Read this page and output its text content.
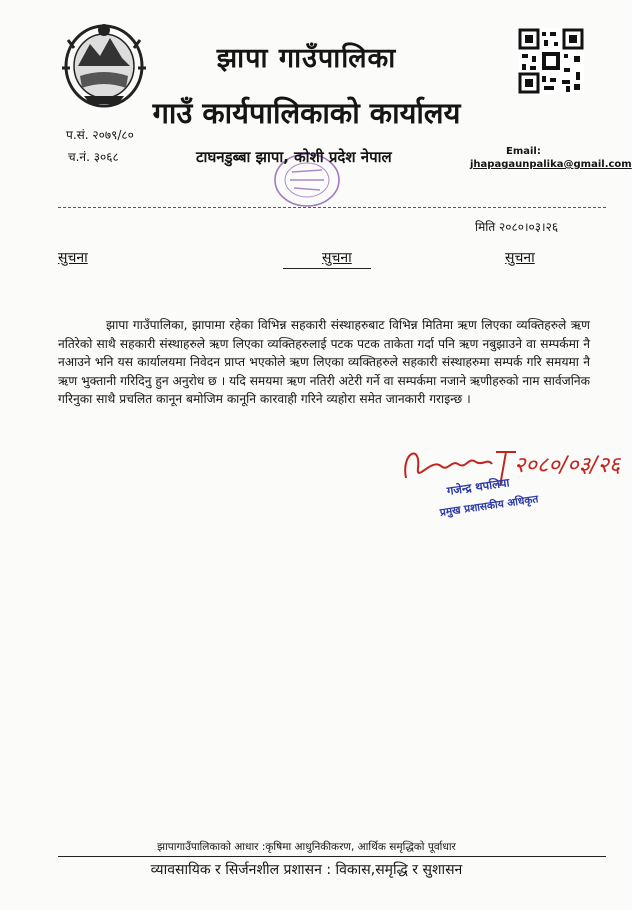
झापा गाउँपालिका
गाउँ कार्यपालिकाको कार्यालय
प.सं. २०७९/८०
च.नं. ३०६८	टाघनडुब्बा झापा, कोशी प्रदेश नेपाल	Email:
jhapagaunpalika@gmail.com
मिति २०८०।०३।२६
सुचना	सुचना	सुचना

झापा गाउँपालिका, झापामा रहेका विभिन्न सहकारी संस्थाहरुबाट विभिन्न मितिमा ऋण लिएका व्यक्तिहरुले ऋण नतिरेको साथै सहकारी संस्थाहरुले ऋण लिएका व्यक्तिहरुलाई पटक पटक ताकेता गर्दा पनि ऋण नबुझाउने वा सम्पर्कमा नै नआउने भनि यस कार्यालयमा निवेदन प्राप्त भएकोले ऋण लिएका व्यक्तिहरुले सहकारी संस्थाहरुमा सम्पर्क गरि समयमा नै ऋण भुक्तानी गरिदिनु हुन अनुरोध छ । यदि समयमा ऋण नतिरी अटेरी गर्ने वा सम्पर्कमा नजाने ऋणीहरुको नाम सार्वजनिक गरिनुका साथै प्रचलित कानून बमोजिम कानूनि कारवाही गरिने व्यहोरा समेत जानकारी गराइन्छ ।

२०८०/०३/२६
गजेन्द्र थपलिया
प्रमुख प्रशासकीय अधिकृत
झापागाउँपालिकाको आधार :कृषिमा आधुनिकीकरण, आर्थिक समृद्धिको पूर्वाधार
व्यावसायिक र सिर्जनशील प्रशासन : विकास,समृद्धि र सुशासन
